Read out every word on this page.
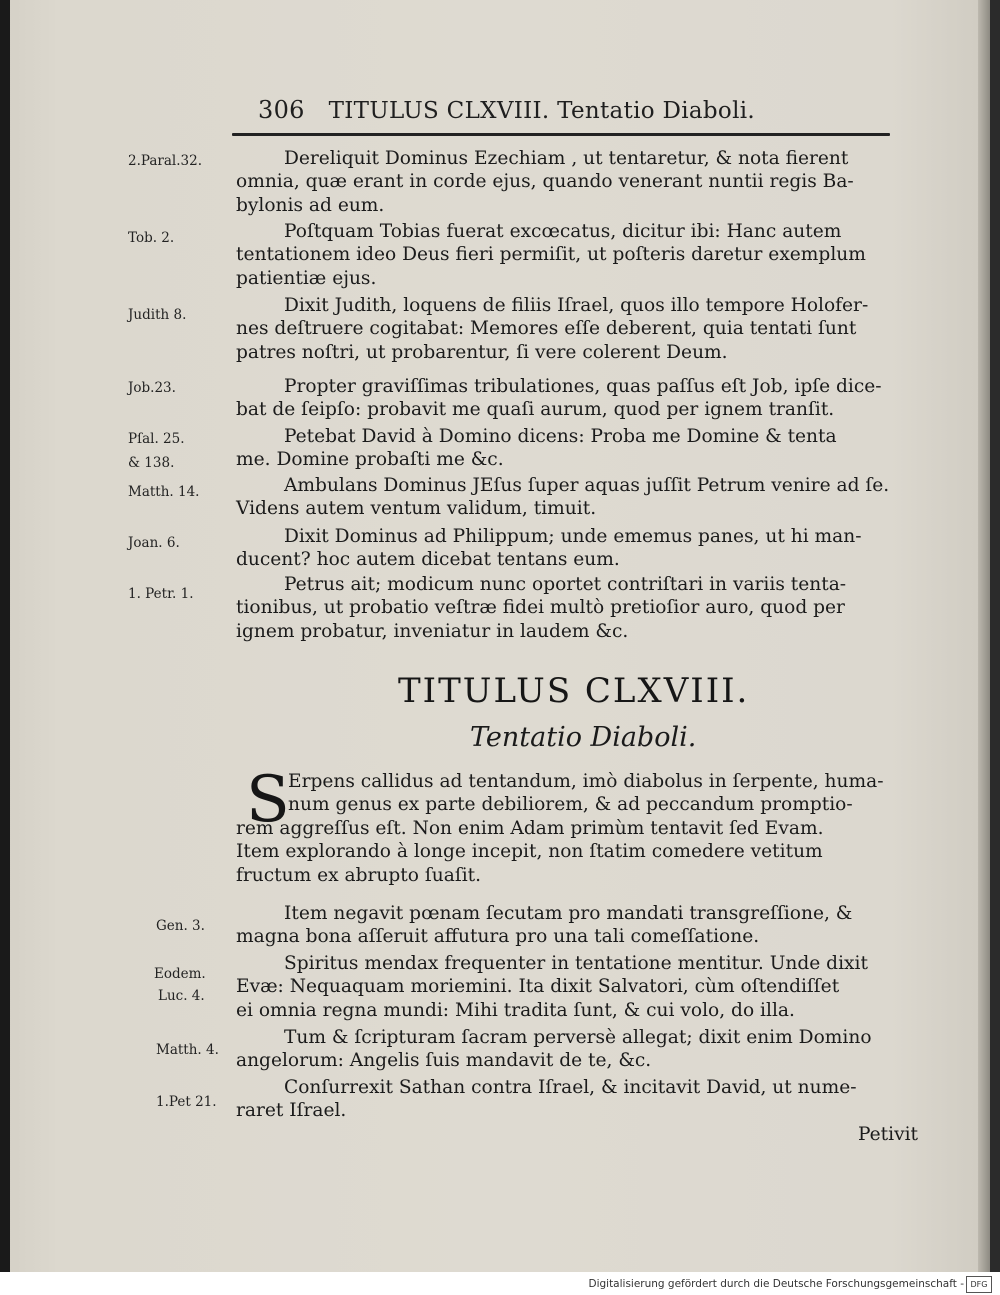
306 TITULUS CLXVIII. Tentatio Diaboli.
2.Paral.32.	Dereliquit Dominus Ezechiam , ut tentaretur, & nota fierent
omnia, quæ erant in corde ejus, quando venerant nuntii regis Ba-
bylonis ad eum.
Tob. 2.	Poſtquam Tobias fuerat excœcatus, dicitur ibi: Hanc autem
tentationem ideo Deus fieri permiſit, ut poſteris daretur exemplum
patientiæ ejus.
Judith 8.	Dixit Judith, loquens de filiis Iſrael, quos illo tempore Holofer-
nes deſtruere cogitabat: Memores eſſe deberent, quia tentati ſunt
patres noſtri, ut probarentur, ſi vere colerent Deum.
Job.23.	Propter graviſſimas tribulationes, quas paſſus eſt Job, ipſe dice-
bat de ſeipſo: probavit me quaſi aurum, quod per ignem tranſit.
Pſal. 25.
& 138.
Petebat David à Domino dicens: Proba me Domine & tenta
me. Domine probaſti me &c.
Matth. 14.	Ambulans Dominus JEſus ſuper aquas juſſit Petrum venire ad ſe.
Videns autem ventum validum, timuit.
Joan. 6.	Dixit Dominus ad Philippum; unde ememus panes, ut hi man-
ducent? hoc autem dicebat tentans eum.
1. Petr. 1.	Petrus ait; modicum nunc oportet contriſtari in variis tenta-
tionibus, ut probatio veſtræ fidei multò pretioſior auro, quod per
ignem probatur, inveniatur in laudem &c.
TITULUS CLXVIII.
Tentatio Diaboli.
S
Erpens callidus ad tentandum, imò diabolus in ſerpente, huma-
num genus ex parte debiliorem, & ad peccandum promptio-
rem aggreſſus eſt. Non enim Adam primùm tentavit ſed Evam.
Item explorando à longe incepit, non ſtatim comedere vetitum
fructum ex abrupto ſuaſit.
Gen. 3.
Item negavit pœnam ſecutam pro mandati transgreſſione, &
magna bona aſſeruit affutura pro una tali comeſſatione.
Eodem.
Luc. 4.
Spiritus mendax frequenter in tentatione mentitur. Unde dixit
Evæ: Nequaquam moriemini. Ita dixit Salvatori, cùm oſtendiſſet
ei omnia regna mundi: Mihi tradita ſunt, & cui volo, do illa.
Matth. 4.
Tum & ſcripturam ſacram perversè allegat; dixit enim Domino
angelorum: Angelis ſuis mandavit de te, &c.
1.Pet 21.
Conſurrexit Sathan contra Iſrael, & incitavit David, ut nume-
raret Iſrael.
Petivit
Digitalisierung gefördert durch die Deutsche Forschungsgemeinschaft - DFG
